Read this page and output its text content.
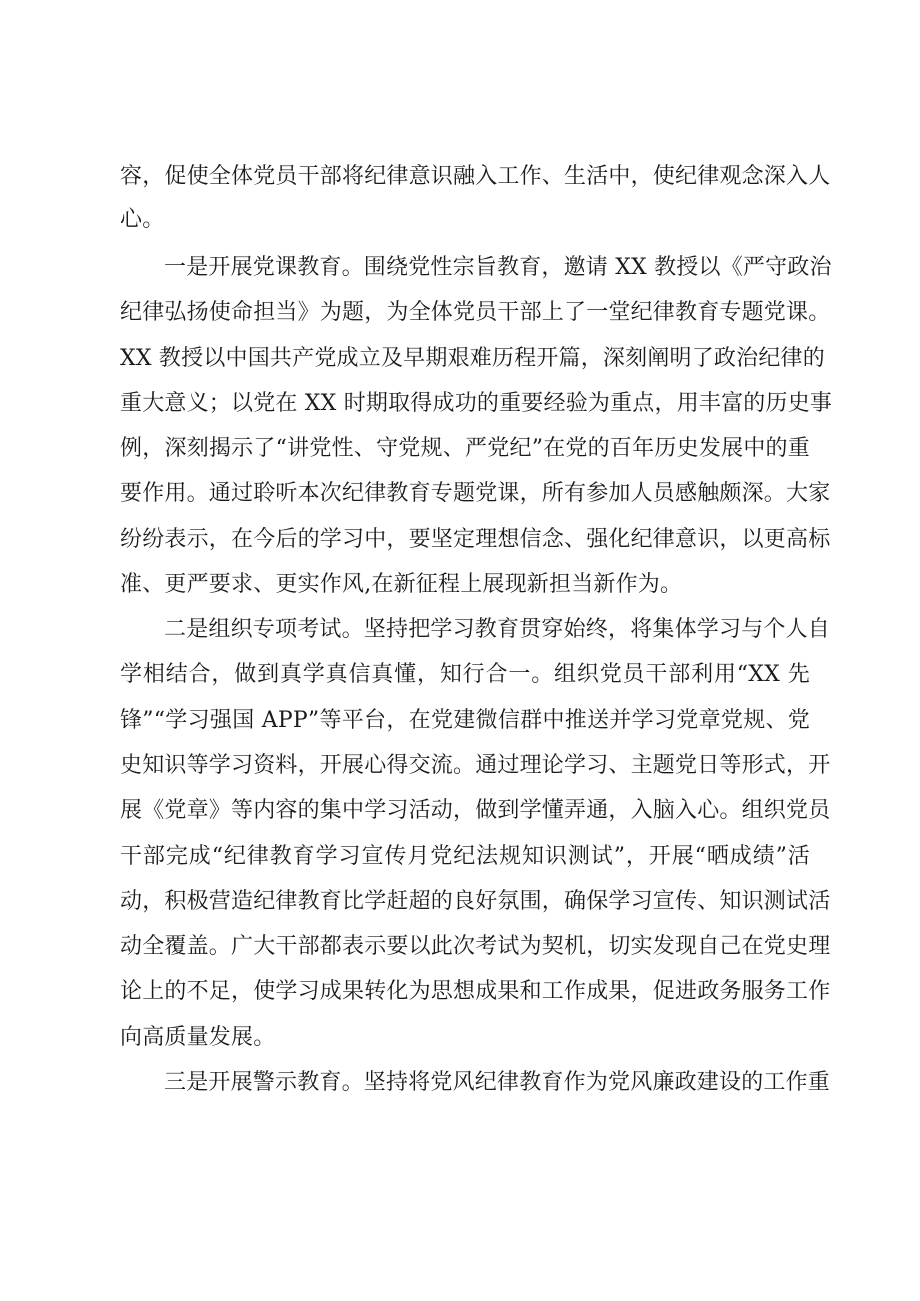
容，促使全体党员干部将纪律意识融入工作、生活中，使纪律观念深入人

心。

一是开展党课教育。围绕党性宗旨教育，邀请 XX 教授以《严守政治

纪律弘扬使命担当》为题，为全体党员干部上了一堂纪律教育专题党课。

XX 教授以中国共产党成立及早期艰难历程开篇，深刻阐明了政治纪律的

重大意义；以党在 XX 时期取得成功的重要经验为重点，用丰富的历史事

例，深刻揭示了“讲党性、守党规、严党纪”在党的百年历史发展中的重

要作用。通过聆听本次纪律教育专题党课，所有参加人员感触颇深。大家

纷纷表示，在今后的学习中，要坚定理想信念、强化纪律意识，以更高标

准、更严要求、更实作风,在新征程上展现新担当新作为。

二是组织专项考试。坚持把学习教育贯穿始终，将集体学习与个人自

学相结合，做到真学真信真懂，知行合一。组织党员干部利用“XX 先

锋”“学习强国 APP”等平台，在党建微信群中推送并学习党章党规、党

史知识等学习资料，开展心得交流。通过理论学习、主题党日等形式，开

展《党章》等内容的集中学习活动，做到学懂弄通，入脑入心。组织党员

干部完成“纪律教育学习宣传月党纪法规知识测试”，开展“晒成绩”活

动，积极营造纪律教育比学赶超的良好氛围，确保学习宣传、知识测试活

动全覆盖。广大干部都表示要以此次考试为契机，切实发现自己在党史理

论上的不足，使学习成果转化为思想成果和工作成果，促进政务服务工作

向高质量发展。

三是开展警示教育。坚持将党风纪律教育作为党风廉政建设的工作重
